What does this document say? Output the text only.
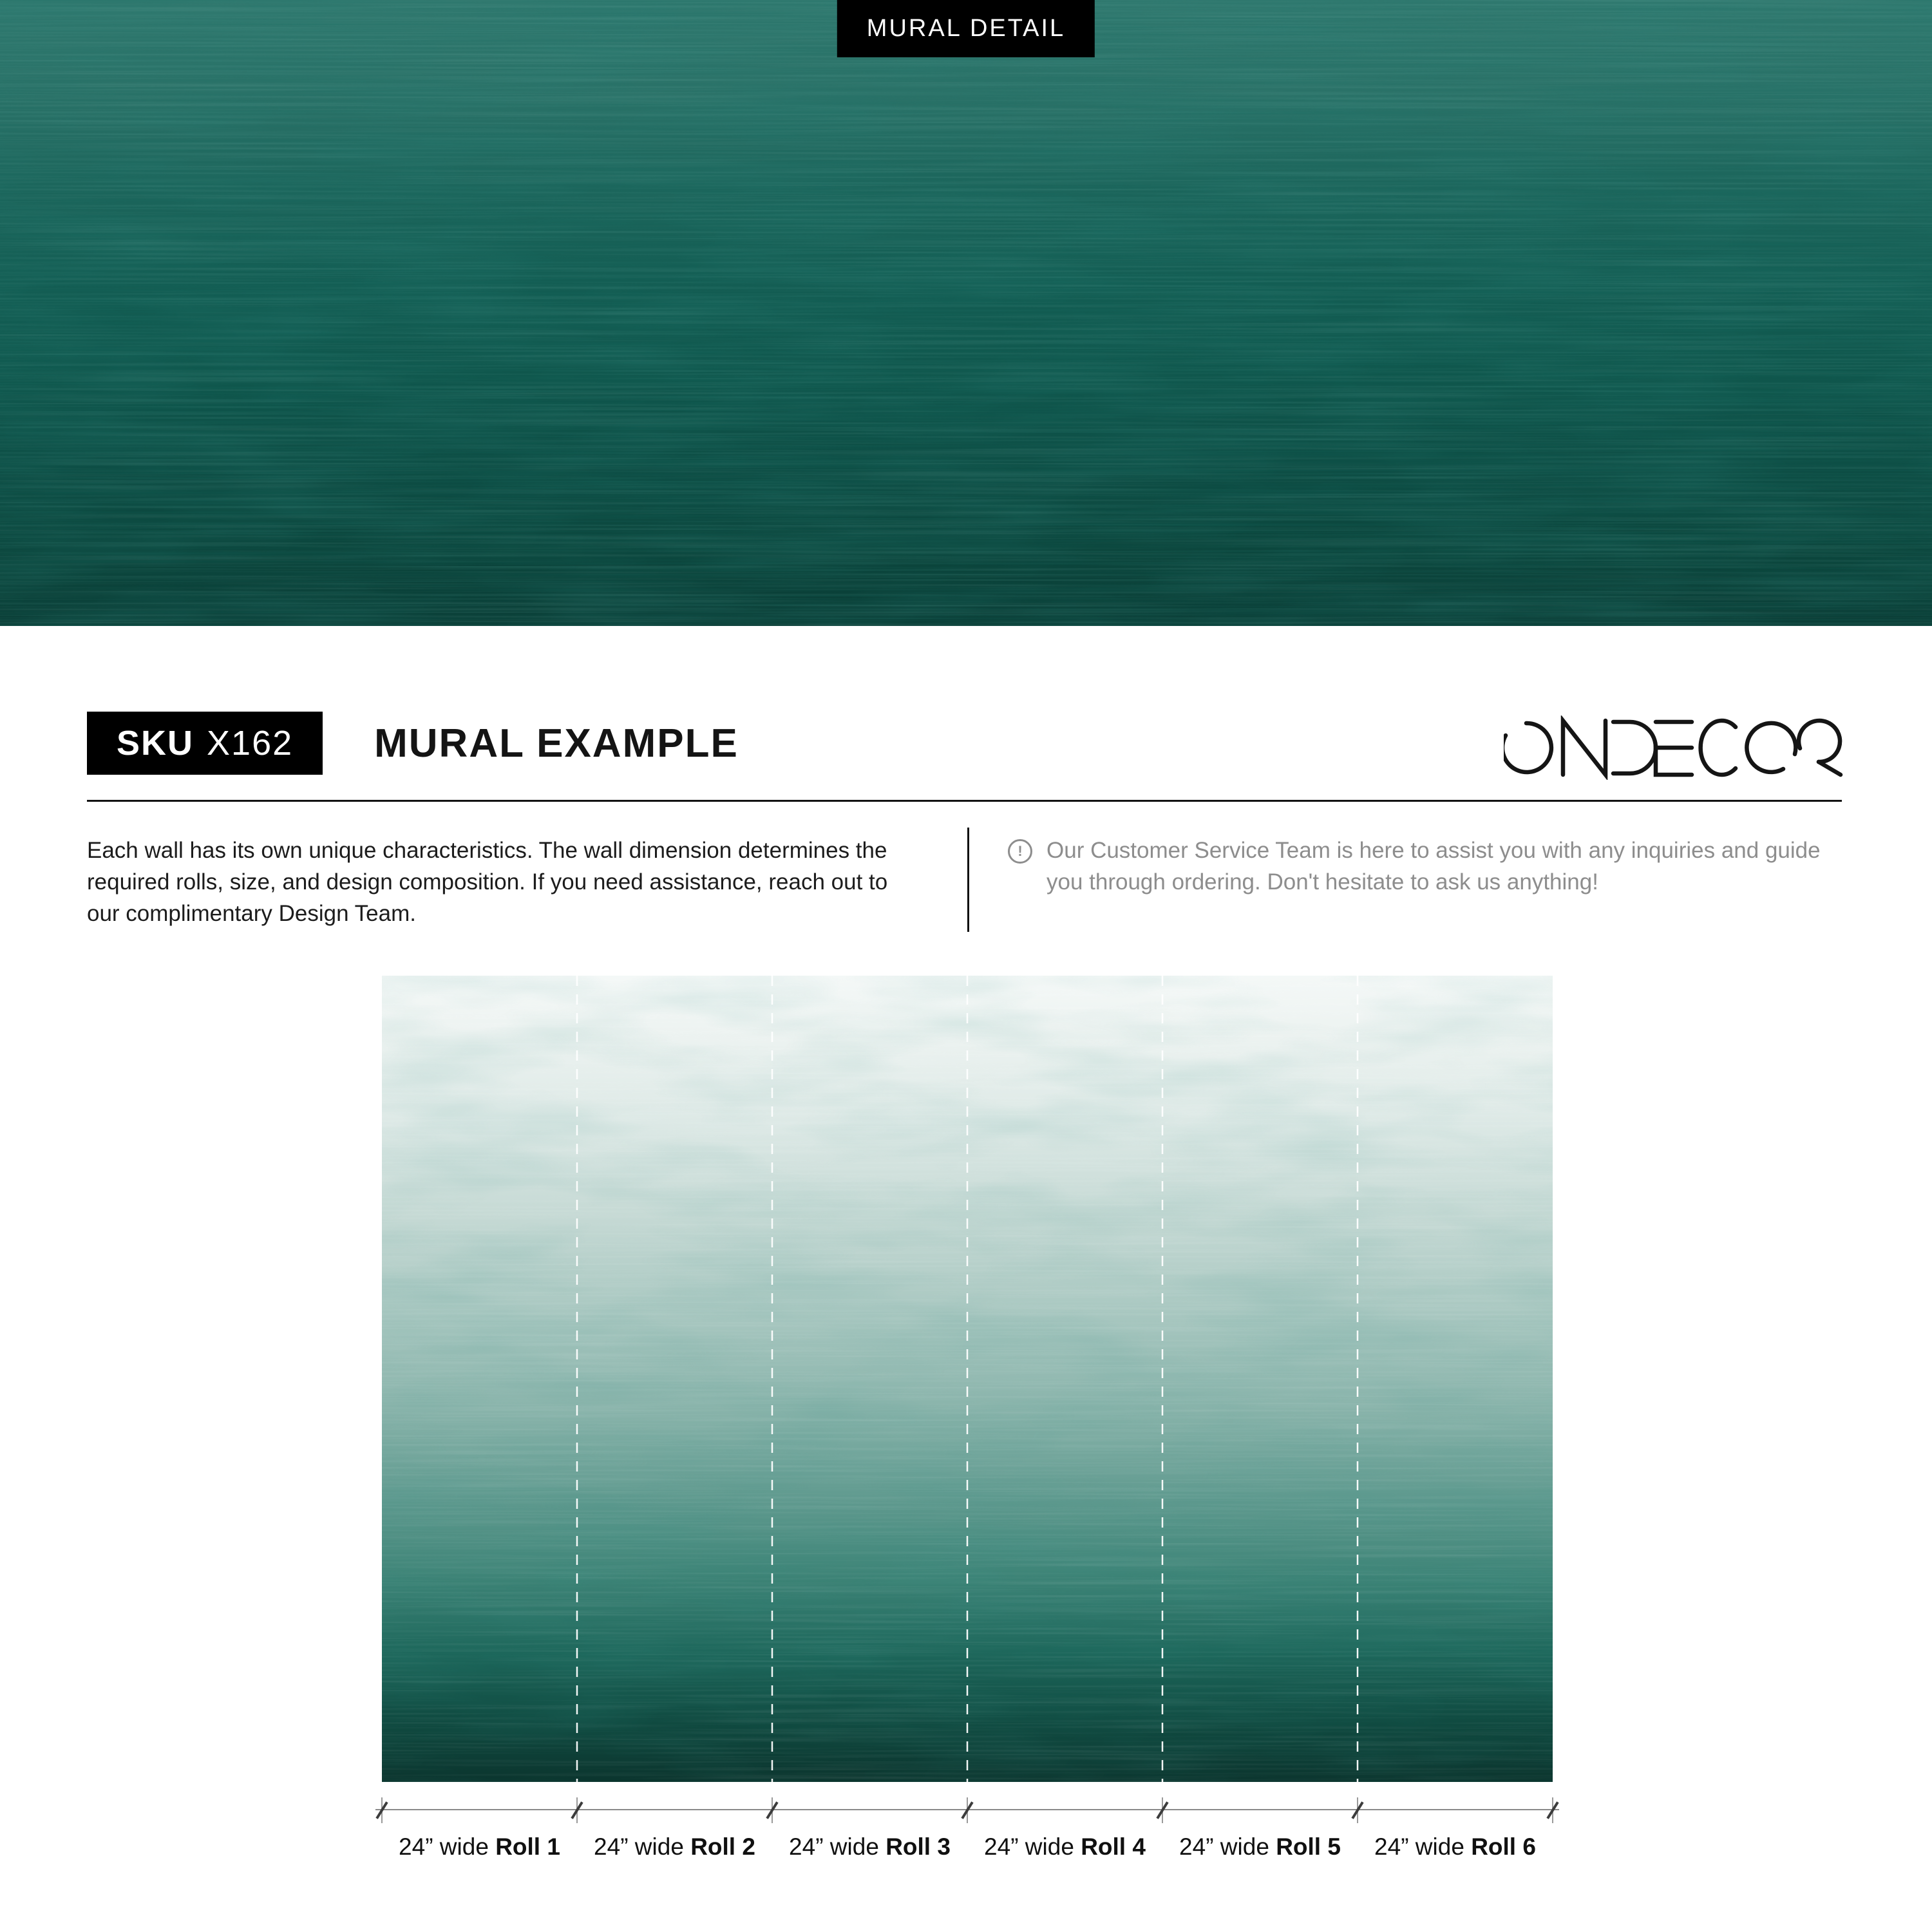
MURAL DETAIL
SKU X162 MURAL EXAMPLE

Each wall has its own unique characteristics. The wall dimension determines the required rolls, size, and design composition. If you need assistance, reach out to our complimentary Design Team.

!	Our Customer Service Team is here to assist you with any inquiries and guide you through ordering. Don't hesitate to ask us anything!

24” wide Roll 1	24” wide Roll 2	24” wide Roll 3	24” wide Roll 4	24” wide Roll 5	24” wide Roll 6
